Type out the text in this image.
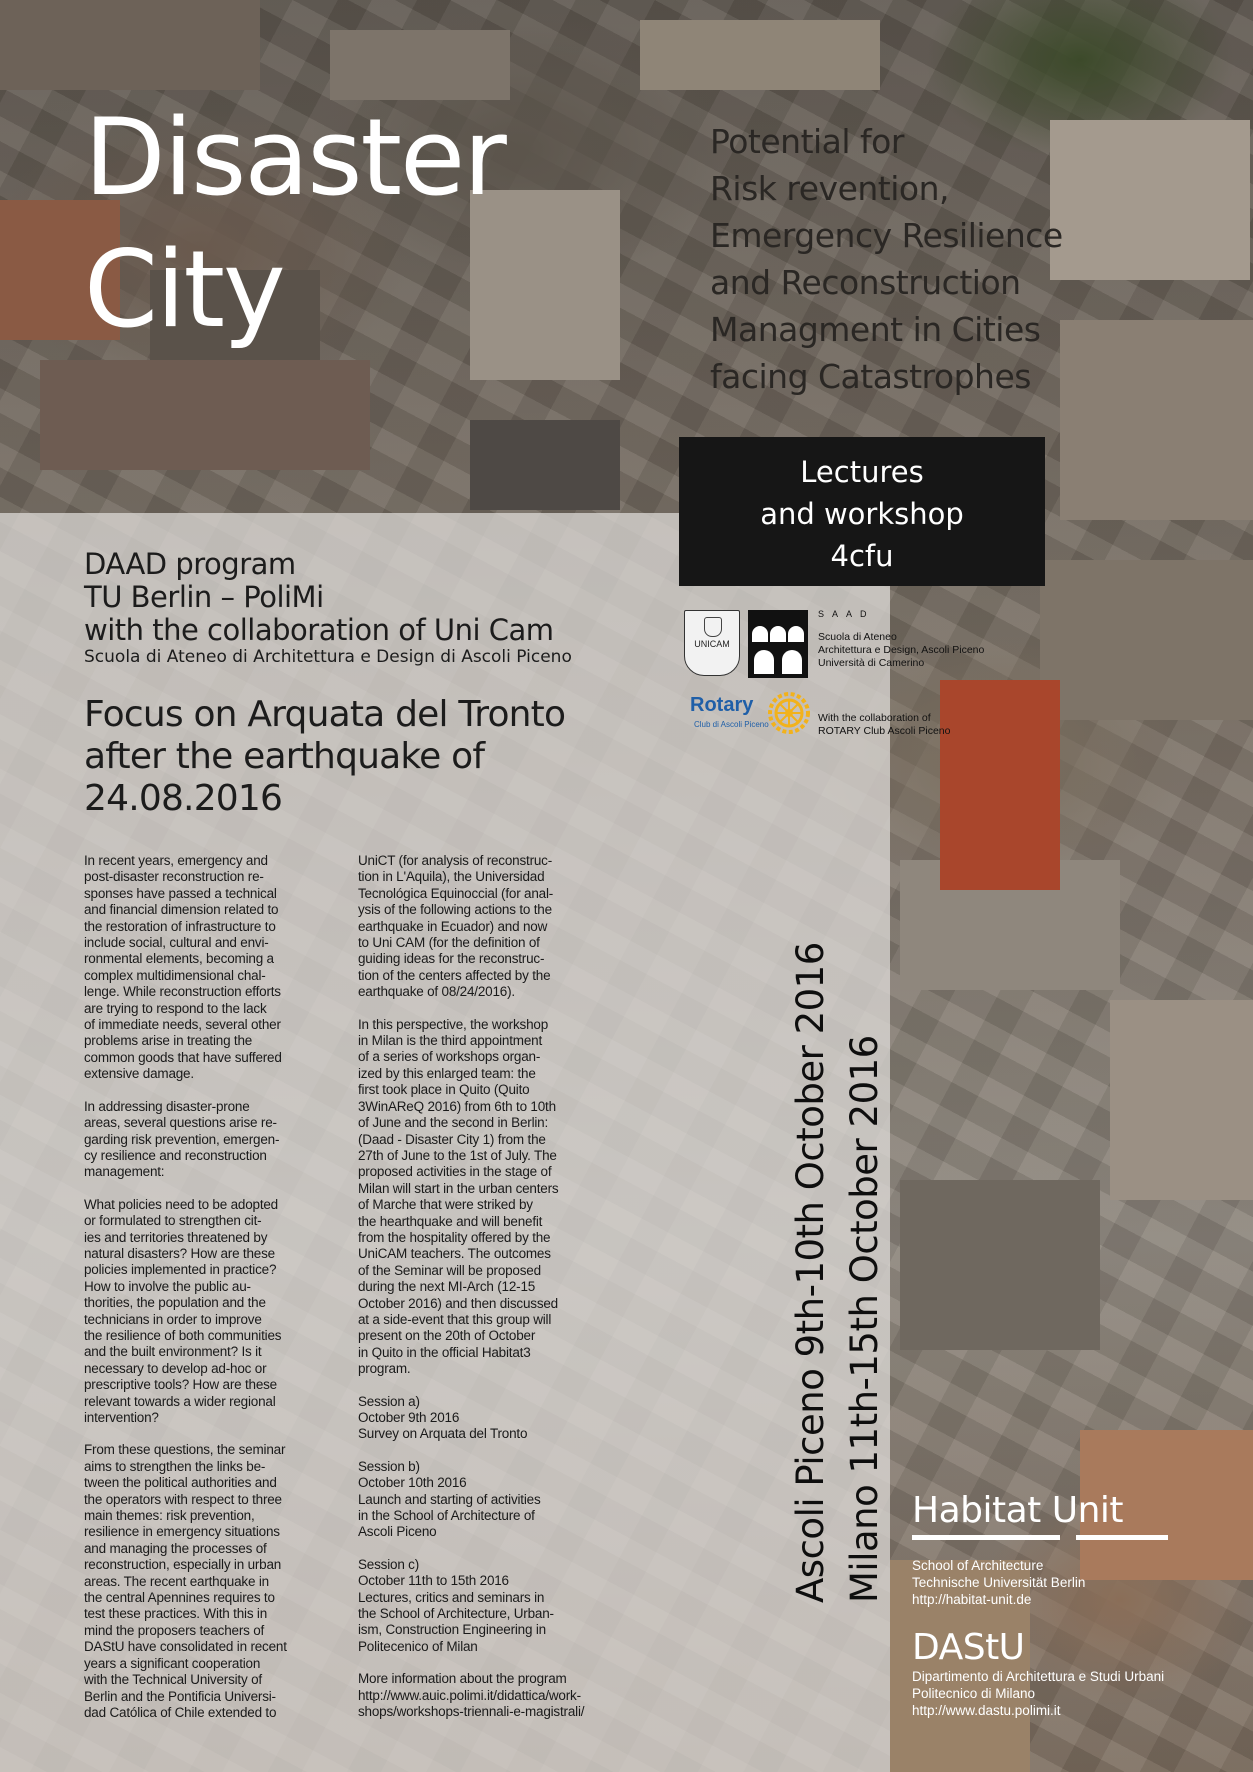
Disaster
City
Potential for
Risk revention,
Emergency Resilience
and Reconstruction
Managment in Cities
facing Catastrophes
Lectures
and workshop
4cfu
DAAD program
TU Berlin – PoliMi
with the collaboration of Uni Cam
Scuola di Ateneo di Architettura e Design di Ascoli Piceno
Focus on Arquata del Tronto
after the earthquake of
24.08.2016

In recent years, emergency and
post-disaster reconstruction re-
sponses have passed a technical
and financial dimension related to
the restoration of infrastructure to
include social, cultural and envi-
ronmental elements, becoming a
complex multidimensional chal-
lenge. While reconstruction efforts
are trying to respond to the lack
of immediate needs, several other
problems arise in treating the
common goods that have suffered
extensive damage.

In addressing disaster-prone
areas, several questions arise re-
garding risk prevention, emergen-
cy resilience and reconstruction
management:

What policies need to be adopted
or formulated to strengthen cit-
ies and territories threatened by
natural disasters? How are these
policies implemented in practice?
How to involve the public au-
thorities, the population and the
technicians in order to improve
the resilience of both communities
and the built environment? Is it
necessary to develop ad-hoc or
prescriptive tools? How are these
relevant towards a wider regional
intervention?

From these questions, the seminar
aims to strengthen the links be-
tween the political authorities and
the operators with respect to three
main themes: risk prevention,
resilience in emergency situations
and managing the processes of
reconstruction, especially in urban
areas. The recent earthquake in
the central Apennines requires to
test these practices. With this in
mind the proposers teachers of
DAStU have consolidated in recent
years a significant cooperation
with the Technical University of
Berlin and the Pontificia Universi-
dad Católica of Chile extended to

UniCT (for analysis of reconstruc-
tion in L'Aquila), the Universidad
Tecnológica Equinoccial (for anal-
ysis of the following actions to the
earthquake in Ecuador) and now
to Uni CAM (for the definition of
guiding ideas for the reconstruc-
tion of the centers affected by the
earthquake of 08/24/2016).

In this perspective, the workshop
in Milan is the third appointment
of a series of workshops organ-
ized by this enlarged team: the
first took place in Quito (Quito
3WinAReQ 2016) from 6th to 10th
of June and the second in Berlin:
(Daad - Disaster City 1) from the
27th of June to the 1st of July. The
proposed activities in the stage of
Milan will start in the urban centers
of Marche that were striked by
the hearthquake and will benefit
from the hospitality offered by the
UniCAM teachers. The outcomes
of the Seminar will be proposed
during the next MI-Arch (12-15
October 2016) and then discussed
at a side-event that this group will
present on the 20th of October
in Quito in the official Habitat3
program.

Session a)
October 9th 2016
Survey on Arquata del Tronto

Session b)
October 10th 2016
Launch and starting of activities
in the School of Architecture of
Ascoli Piceno

Session c)
October 11th to 15th 2016
Lectures, critics and seminars in
the School of Architecture, Urban-
ism, Construction Engineering in
Politeceni​co of Milan

More information about the program
http://www.auic.polimi.it/didattica/work-
shops/workshops-triennali-e-magistrali/

Ascoli Piceno 9th-10th October 2016 Milano 11th-15th October 2016
UNICAM
SAAD
Scuola di Ateneo
Architettura e Design, Ascoli Piceno
Università di Camerino
Rotary
Club di Ascoli Piceno
With the collaboration of
ROTARY Club Ascoli Piceno
Habitat Unit
School of Architecture
Technische Universität Berlin
http://habitat-unit.de
DAStU
Dipartimento di Architettura e Studi Urbani
Politecnico di Milano
http://www.dastu.polimi.it
